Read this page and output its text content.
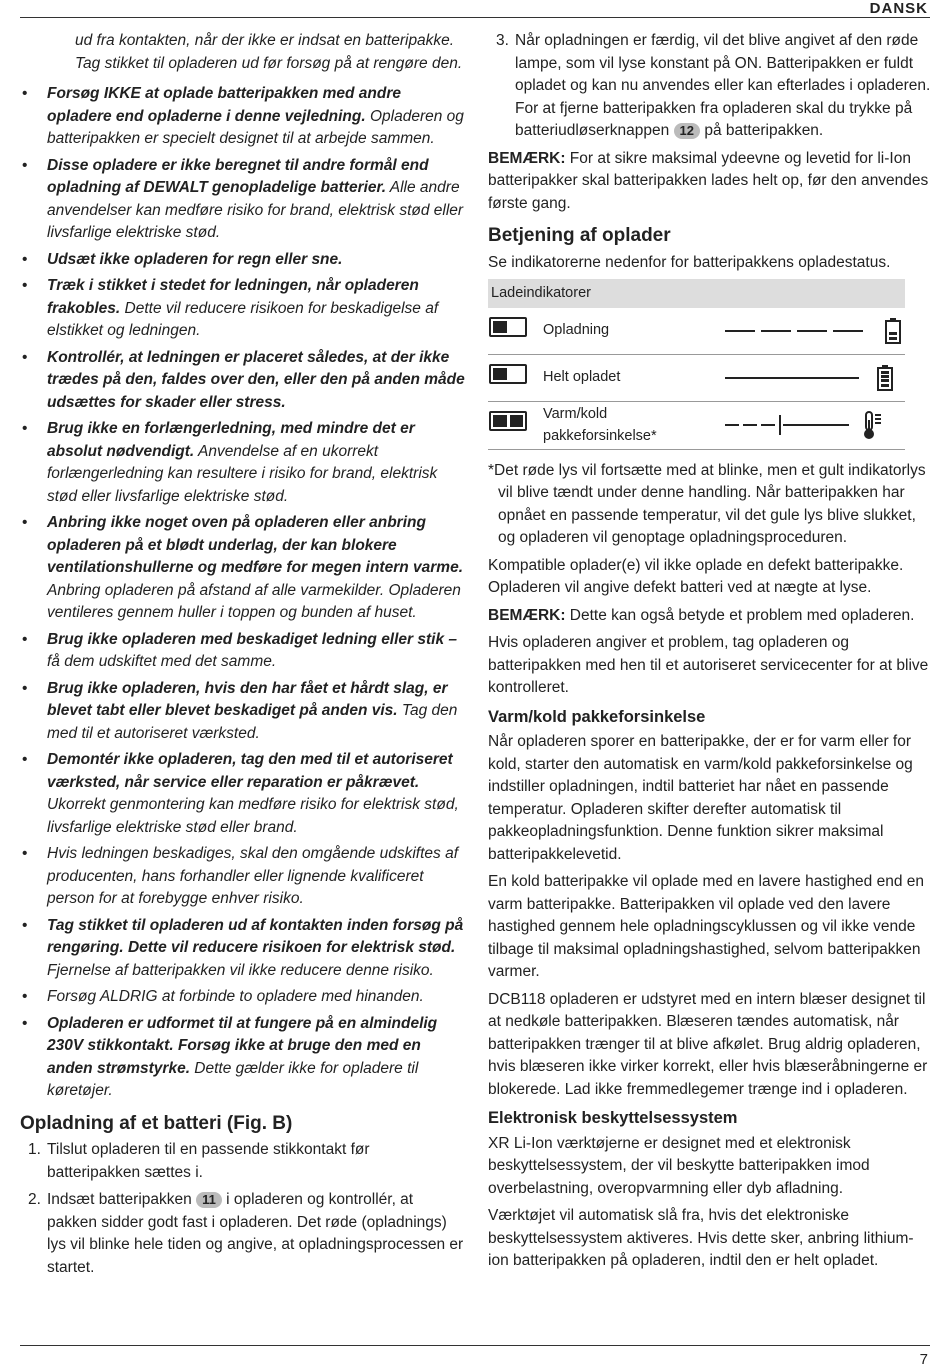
DANSK

ud fra kontakten, når der ikke er indsat en batteripakke. Tag stikket til opladeren ud før forsøg på at rengøre den.

• Forsøg IKKE at oplade batteripakken med andre opladere end opladerne i denne vejledning. Opladeren og batteripakken er specielt designet til at arbejde sammen.
• Disse opladere er ikke beregnet til andre formål end opladning af DEWALT genopladelige batterier. Alle andre anvendelser kan medføre risiko for brand, elektrisk stød eller livsfarlige elektriske stød.
• Udsæt ikke opladeren for regn eller sne.
• Træk i stikket i stedet for ledningen, når opladeren frakobles. Dette vil reducere risikoen for beskadigelse af elstikket og ledningen.
• Kontrollér, at ledningen er placeret således, at der ikke trædes på den, faldes over den, eller den på anden måde udsættes for skader eller stress.
• Brug ikke en forlængerledning, med mindre det er absolut nødvendigt. Anvendelse af en ukorrekt forlængerledning kan resultere i risiko for brand, elektrisk stød eller livsfarlige elektriske stød.
• Anbring ikke noget oven på opladeren eller anbring opladeren på et blødt underlag, der kan blokere ventilationshullerne og medføre for megen intern varme. Anbring opladeren på afstand af alle varmekilder. Opladeren ventileres gennem huller i toppen og bunden af huset.
• Brug ikke opladeren med beskadiget ledning eller stik –få dem udskiftet med det samme.
• Brug ikke opladeren, hvis den har fået et hårdt slag, er blevet tabt eller blevet beskadiget på anden vis. Tag den med til et autoriseret værksted.
• Demontér ikke opladeren, tag den med til et autoriseret værksted, når service eller reparation er påkrævet. Ukorrekt genmontering kan medføre risiko for elektrisk stød, livsfarlige elektriske stød eller brand.
• Hvis ledningen beskadiges, skal den omgående udskiftes af producenten, hans forhandler eller lignende kvalificeret person for at forebygge enhver risiko.
• Tag stikket til opladeren ud af kontakten inden forsøg på rengøring. Dette vil reducere risikoen for elektrisk stød. Fjernelse af batteripakken vil ikke reducere denne risiko.
• Forsøg ALDRIG at forbinde to opladere med hinanden.
• Opladeren er udformet til at fungere på en almindelig 230V stikkontakt. Forsøg ikke at bruge den med en anden strømstyrke. Dette gælder ikke for opladere til køretøjer.
Opladning af et batteri (Fig. B)
1. Tilslut opladeren til en passende stikkontakt før batteripakken sættes i.
2. Indsæt batteripakken 11 i opladeren og kontrollér, at pakken sidder godt fast i opladeren. Det røde (opladnings) lys vil blinke hele tiden og angive, at opladningsprocessen er startet.
3. Når opladningen er færdig, vil det blive angivet af den røde lampe, som vil lyse konstant på ON. Batteripakken er fuldt opladet og kan nu anvendes eller kan efterlades i opladeren. For at fjerne batteripakken fra opladeren skal du trykke på batteriudløserknappen 12 på batteripakken.

BEMÆRK: For at sikre maksimal ydeevne og levetid for li-Ion batteripakker skal batteripakken lades helt op, før den anvendes første gang.

Betjening af oplader

Se indikatorerne nedenfor for batteripakkens opladestatus.

Ladeindikatorer		

	Opladning	

	Helt opladet	

	Varm/kold pakkeforsinkelse*	

*Det røde lys vil fortsætte med at blinke, men et gult indikatorlys vil blive tændt under denne handling. Når batteripakken har opnået en passende temperatur, vil det gule lys blive slukket, og opladeren vil genoptage opladningsproceduren.

Kompatible oplader(e) vil ikke oplade en defekt batteripakke. Opladeren vil angive defekt batteri ved at nægte at lyse.

BEMÆRK: Dette kan også betyde et problem med opladeren.

Hvis opladeren angiver et problem, tag opladeren og batteripakken med hen til et autoriseret servicecenter for at blive kontrolleret.

Varm/kold pakkeforsinkelse

Når opladeren sporer en batteripakke, der er for varm eller for kold, starter den automatisk en varm/kold pakkeforsinkelse og indstiller opladningen, indtil batteriet har nået en passende temperatur. Opladeren skifter derefter automatisk til pakkeopladningsfunktion. Denne funktion sikrer maksimal batteripakkelevetid.

En kold batteripakke vil oplade med en lavere hastighed end en varm batteripakke. Batteripakken vil oplade ved den lavere hastighed gennem hele opladningscyklussen og vil ikke vende tilbage til maksimal opladningshastighed, selvom batteripakken varmer.

DCB118 opladeren er udstyret med en intern blæser designet til at nedkøle batteripakken. Blæseren tændes automatisk, når batteripakken trænger til at blive afkølet. Brug aldrig opladeren, hvis blæseren ikke virker korrekt, eller hvis blæseråbningerne er blokerede. Lad ikke fremmedlegemer trænge ind i opladeren.

Elektronisk beskyttelsessystem

XR Li-Ion værktøjerne er designet med et elektronisk beskyttelsessystem, der vil beskytte batteripakken imod overbelastning, overopvarmning eller dyb afladning.

Værktøjet vil automatisk slå fra, hvis det elektroniske beskyttelsessystem aktiveres. Hvis dette sker, anbring lithium-ion batteripakken på opladeren, indtil den er helt opladet.

7
